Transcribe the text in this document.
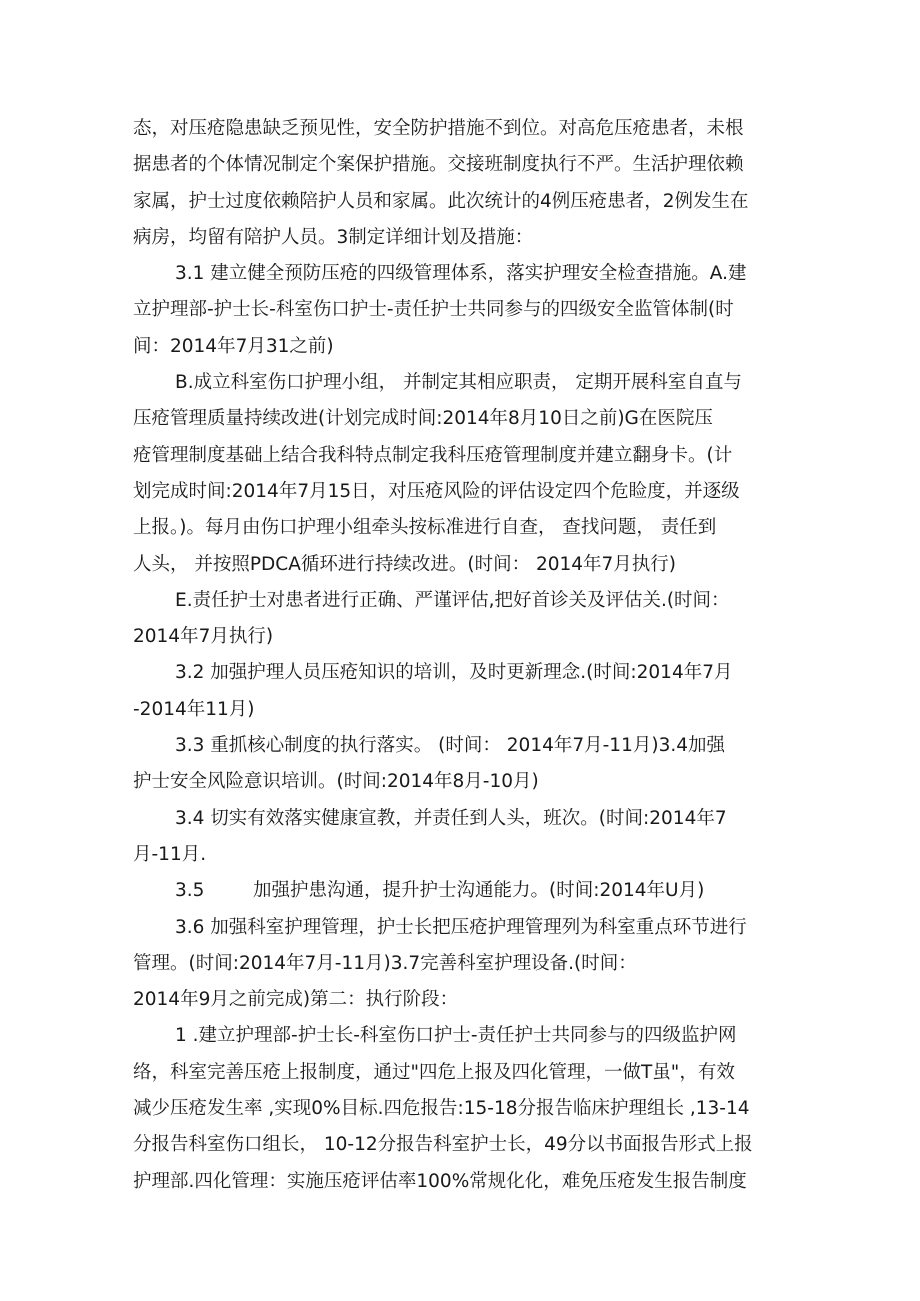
态，对压疮隐患缺乏预见性，安全防护措施不到位。对高危压疮患者，未根
据患者的个体情况制定个案保护措施。交接班制度执行不严。生活护理依赖
家属，护士过度依赖陪护人员和家属。此次统计的4例压疮患者，2例发生在
病房，均留有陪护人员。3制定详细计划及措施：
3.1 建立健全预防压疮的四级管理体系，落实护理安全检查措施。A.建
立护理部-护士长-科室伤口护士-责任护士共同参与的四级安全监管体制(时
间：2014年7月31之前)
B.成立科室伤口护理小组， 并制定其相应职责， 定期开展科室自直与
压疮管理质量持续改进(计划完成时间:2014年8月10日之前)G在医院压
疮管理制度基础上结合我科特点制定我科压疮管理制度并建立翻身卡。(计
划完成时间:2014年7月15日，对压疮风险的评估设定四个危睑度，并逐级
上报。)。每月由伤口护理小组牵头按标准进行自查， 查找问题， 责任到
人头， 并按照PDCA循环进行持续改进。(时间： 2014年7月执行)
E.责任护士对患者进行正确、严谨评估,把好首诊关及评估关.(时间：
2014年7月执行)
3.2 加强护理人员压疮知识的培训，及时更新理念.(时间:2014年7月
-2014年11月)
3.3 重抓核心制度的执行落实。 (时间： 2014年7月-11月)3.4加强
护士安全风险意识培训。(时间:2014年8月-10月)
3.4 切实有效落实健康宣教，并责任到人头，班次。(时间:2014年7
月-11月.
3.5	加强护患沟通，提升护士沟通能力。(时间:2014年U月)
3.6 加强科室护理管理，护士长把压疮护理管理列为科室重点环节进行
管理。(时间:2014年7月-11月)3.7完善科室护理设备.(时间：
2014年9月之前完成)第二：执行阶段：
1 .建立护理部-护士长-科室伤口护士-责任护士共同参与的四级监护网
络，科室完善压疮上报制度，通过"四危上报及四化管理，一做T虽"，有效
减少压疮发生率 ,实现0%目标.四危报告:15-18分报告临床护理组长 ,13-14
分报告科室伤口组长， 10-12分报告科室护士长，49分以书面报告形式上报
护理部.四化管理：实施压疮评估率100%常规化化，难免压疮发生报告制度
